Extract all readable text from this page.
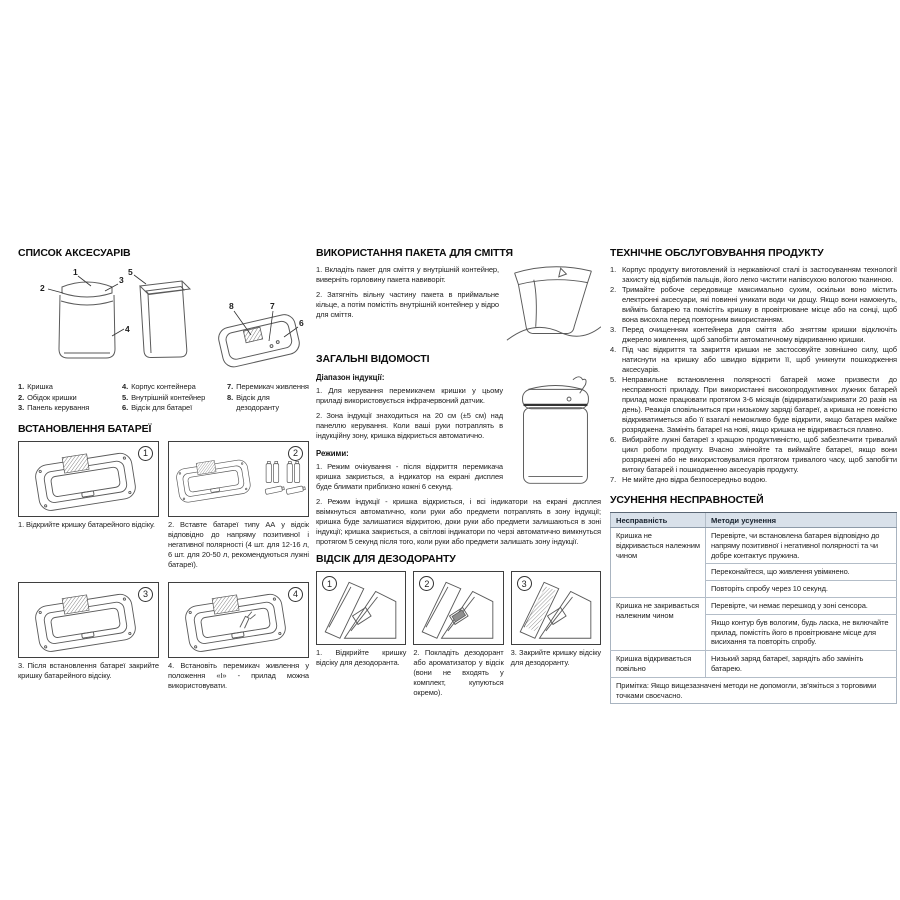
СПИСОК АКСЕСУАРІВ
1
2
3
4
5
6
7
8
1. Кришка
2. Обідок кришки
3. Панель керування
4. Корпус контейнера
5. Внутрішній контейнер
6. Відсік для батареї
7. Перемикач живлення
8. Відсік для дезодоранту
ВСТАНОВЛЕННЯ БАТАРЕЇ
1

1. Відкрийте кришку батарейного відсіку.

2

2. Вставте батареї типу АА у відсік відповідно до напряму позитивної і негативної полярності (4 шт. для 12-16 л, 6 шт. для 20-50 л, рекомендуються лужні батареї).

3

3. Після встановлення батареї закрийте кришку батарейного відсіку.

4

4. Встановіть перемикач живлення у положення «I» - прилад можна використовувати.

ВИКОРИСТАННЯ ПАКЕТА ДЛЯ СМІТТЯ

1. Вкладіть пакет для сміття у внутрішній контейнер, виверніть горловину пакета навиворіт.

2. Затягніть вільну частину пакета в приймальне кільце, а потім помістіть внутрішній контейнер у відро для сміття.

ЗАГАЛЬНІ ВІДОМОСТІ
Діапазон індукції:

1. Для керування перемикачем кришки у цьому приладі використовується інфрачервоний датчик.

2. Зона індукції знаходиться на 20 см (±5 см) над панеллю керування. Коли ваші руки потраплять в індукційну зону, кришка відкриється автоматично.

Режими:

1. Режим очікування - після відкриття перемикача кришка закриється, а індикатор на екрані дисплея буде блимати приблизно кожні 6 секунд.

2. Режим індукції - кришка відкриється, і всі індикатори на екрані дисплея ввімкнуться автоматично, коли руки або предмети потраплять в зону індукції; кришка буде залишатися відкритою, доки руки або предмети залишаються в зоні індукції; кришка закриється, а світлові індикатори по черзі автоматично вимкнуться протягом 5 секунд після того, коли руки або предмети залишать зону індукції.

ВІДСІК ДЛЯ ДЕЗОДОРАНТУ
1

1. Відкрийте кришку відсіку для дезодоранта.

2

2. Покладіть дезодорант або ароматизатор у відсік (вони не входять у комплект, купуються окремо).

3

3. Закрийте кришку відсіку для дезодоранту.

ТЕХНІЧНЕ ОБСЛУГОВУВАННЯ ПРОДУКТУ
1. Корпус продукту виготовлений із нержавіючої сталі із застосуванням технології захисту від відбитків пальців, його легко чистити напівсухою вологою тканиною.
2. Тримайте робоче середовище максимально сухим, оскільки воно містить електронні аксесуари, які повинні уникати води чи дощу. Якщо вони намокнуть, вийміть батарею та помістіть кришку в провітрюване місце або на сонці, щоб вона висохла перед повторним використанням.
3. Перед очищенням контейнера для сміття або зняттям кришки відключіть джерело живлення, щоб запобігти автоматичному відкриванню кришки.
4. Під час відкриття та закриття кришки не застосовуйте зовнішню силу, щоб натиснути на кришку або швидко відкрити її, щоб уникнути пошкодження аксесуарів.
5. Неправильне встановлення полярності батарей може призвести до несправності приладу. При використанні високопродуктивних лужних батарей прилад може працювати протягом 3-6 місяців (відкривати/закривати 20 разів на день). Реакція сповільниться при низькому заряді батареї, а кришка не повністю відкриватиметься або її взагалі неможливо буде відкрити, якщо батарея майже розряджена. Замініть батареї на нові, якщо кришка не відкривається плавно.
6. Вибирайте лужні батареї з кращою продуктивністю, щоб забезпечити тривалий цикл роботи продукту. Вчасно змінюйте та виймайте батареї, якщо вони розряджені або не використовувалися протягом тривалого часу, щоб запобігти витоку батарей і пошкодженню аксесуарів продукту.
7. Не мийте дно відра безпосередньо водою.
УСУНЕННЯ НЕСПРАВНОСТЕЙ
Несправність	Методи усунення
Кришка не відкривається належним чином	Перевірте, чи встановлена батарея відповідно до напряму позитивної і негативної полярності та чи добре контактує пружина.
	Переконайтеся, що живлення увімкнено.
	Повторіть спробу через 10 секунд.
Кришка не закривається належним чином	Перевірте, чи немає перешкод у зоні сенсора.
	Якщо контур був вологим, будь ласка, не включайте прилад, помістіть його в провітрюване місце для висихання та повторіть спробу.
Кришка відкривається повільно	Низький заряд батареї, зарядіть або замініть батарею.
Примітка: Якщо вищезазначені методи не допомогли, зв'яжіться з торговими точками своєчасно.	
